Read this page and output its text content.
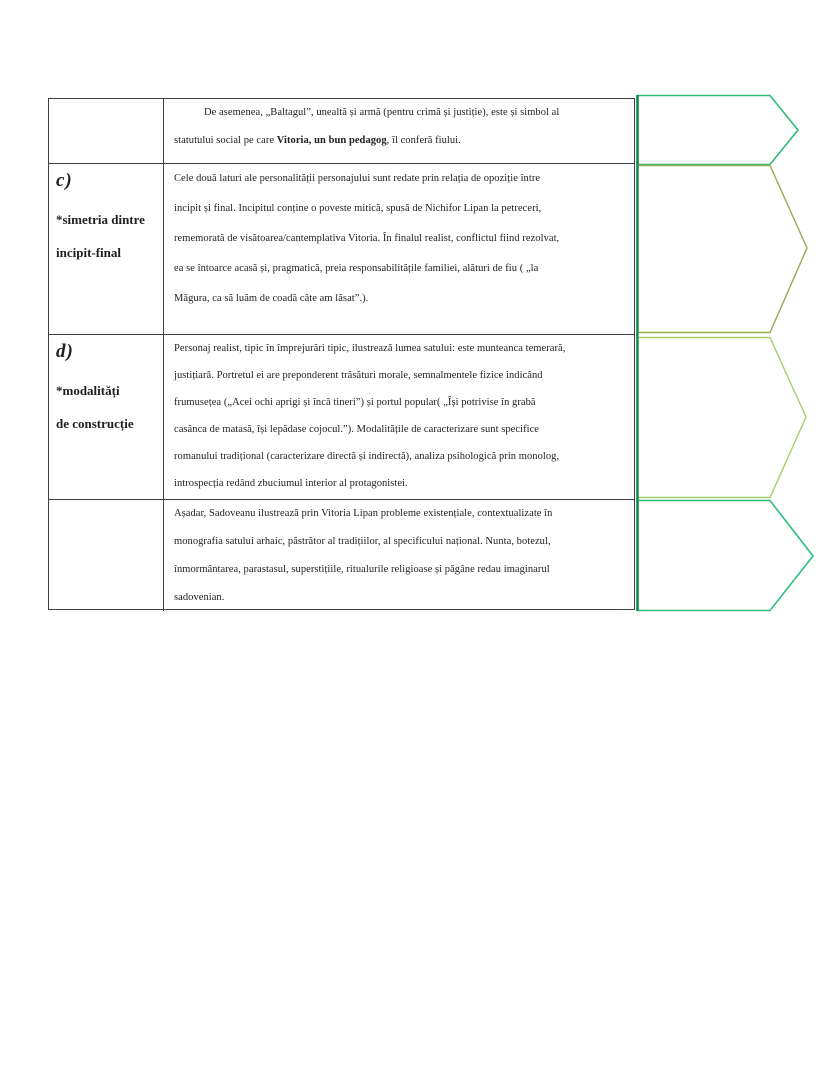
De asemenea, „Baltagul”, unealtă și armă (pentru crimă și justiție), este și simbol al
statutului social pe care Vitoria, un bun pedagog, îl conferă fiului.
c)
*simetria dintre
incipit-final
Cele două laturi ale personalității personajului sunt redate prin relația de opoziție între
incipit și final. Incipitul conține o poveste mitică, spusă de Nichifor Lipan la petreceri,
rememorată de visătoarea/cantemplativa Vitoria. În finalul realist, conflictul fiind rezolvat,
ea se întoarce acasă și, pragmatică, preia responsabilitățile familiei, alături de fiu ( „la
Măgura, ca să luăm de coadă câte am lăsat”.).
d)
*modalități
de construcție
Personaj realist, tipic în împrejurări tipic, ilustrează lumea satului: este munteanca temerară,
justițiară. Portretul ei are preponderent trăsături morale, semnalmentele fizice indicând
frumusețea („Acei ochi aprigi și încă tineri”) și portul popular( „Își potrivise în grabă
casânca de matasă, își lepădase cojocul.”). Modalitățile de caracterizare sunt specifice
romanului tradițional (caracterizare directă și indirectă), analiza psihologică prin monolog,
introspecția redând zbuciumul interior al protagonistei.
Așadar, Sadoveanu ilustrează prin Vitoria Lipan probleme existențiale, contextualizate în
monografia satului arhaic, păstrător al tradițiilor, al specificului național. Nunta, botezul,
înmormântarea, parastasul, superstițiile, ritualurile religioase și păgâne redau imaginarul
sadovenian.
